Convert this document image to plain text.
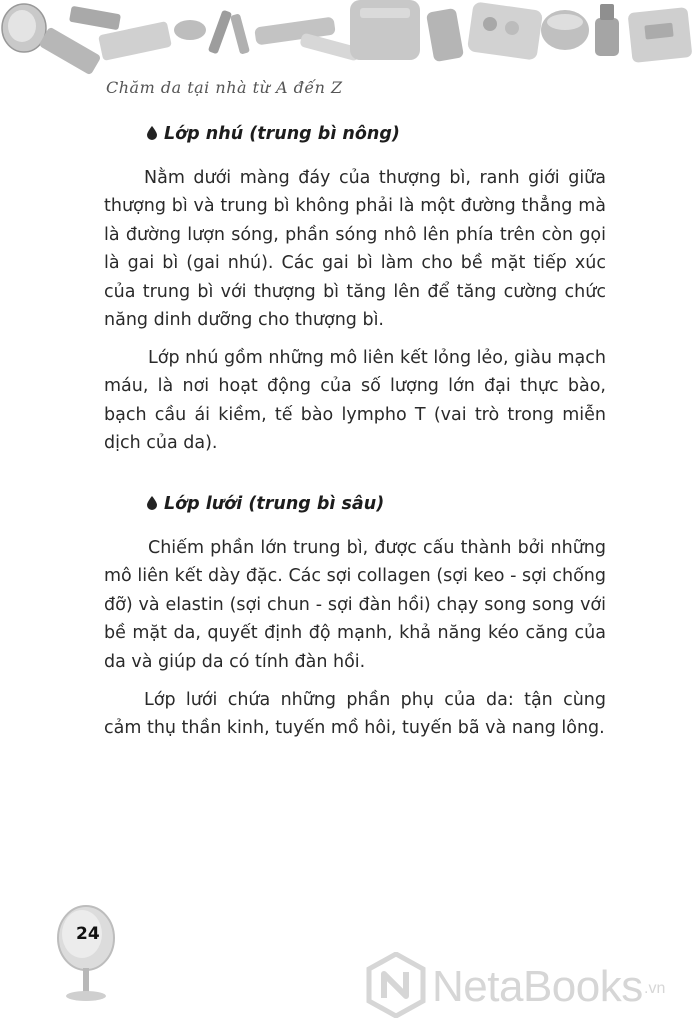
Chăm da tại nhà từ A đến Z
Lớp nhú (trung bì nông)

Nằm dưới màng đáy của thượng bì, ranh giới giữa thượng bì và trung bì không phải là một đường thẳng mà là đường lượn sóng, phần sóng nhô lên phía trên còn gọi là gai bì (gai nhú). Các gai bì làm cho bề mặt tiếp xúc của trung bì với thượng bì tăng lên để tăng cường chức năng dinh dưỡng cho thượng bì.

Lớp nhú gồm những mô liên kết lỏng lẻo, giàu mạch máu, là nơi hoạt động của số lượng lớn đại thực bào, bạch cầu ái kiềm, tế bào lympho T (vai trò trong miễn dịch của da).

Lớp lưới (trung bì sâu)

Chiếm phần lớn trung bì, được cấu thành bởi những mô liên kết dày đặc. Các sợi collagen (sợi keo - sợi chống đỡ) và elastin (sợi chun - sợi đàn hồi) chạy song song với bề mặt da, quyết định độ mạnh, khả năng kéo căng của da và giúp da có tính đàn hồi.

Lớp lưới chứa những phần phụ của da: tận cùng cảm thụ thần kinh, tuyến mồ hôi, tuyến bã và nang lông.

24
NetaBooks .vn
